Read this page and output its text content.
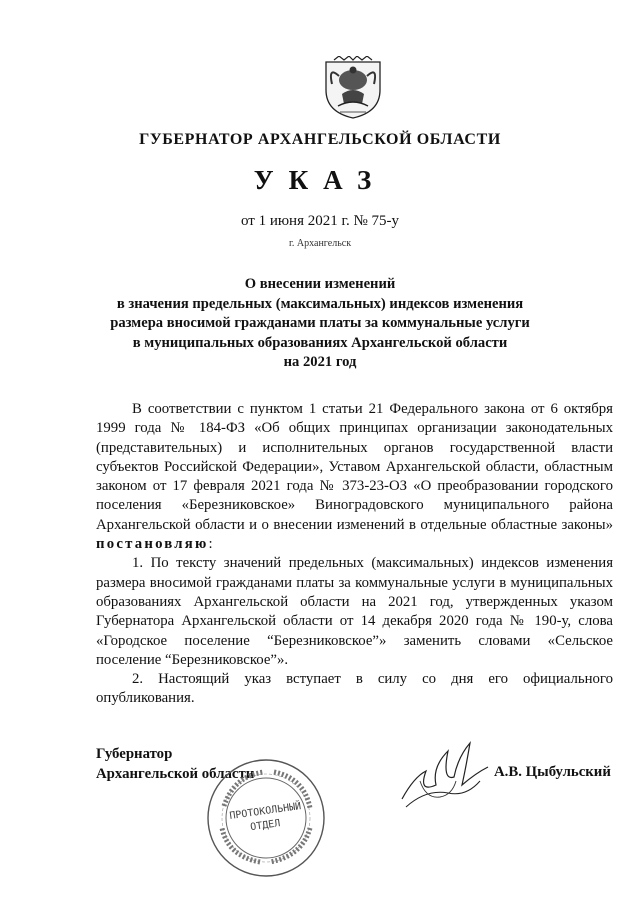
ГУБЕРНАТОР АРХАНГЕЛЬСКОЙ ОБЛАСТИ
УКАЗ
от 1 июня 2021 г. № 75-у
г. Архангельск
О внесении изменений
в значения предельных (максимальных) индексов изменения
размера вносимой гражданами платы за коммунальные услуги
в муниципальных образованиях Архангельской области
на 2021 год

В соответствии с пунктом 1 статьи 21 Федерального закона от 6 октября 1999 года № 184-ФЗ «Об общих принципах организации законодательных (представительных) и исполнительных органов государственной власти субъектов Российской Федерации», Уставом Архангельской области, областным законом от 17 февраля 2021 года № 373-23-ОЗ «О преобразовании городского поселения «Березниковское» Виноградовского муниципального района Архангельской области и о внесении изменений в отдельные областные законы» постановляю:

1. По тексту значений предельных (максимальных) индексов изменения размера вносимой гражданами платы за коммунальные услуги в муниципальных образованиях Архангельской области на 2021 год, утвержденных указом Губернатора Архангельской области от 14 декабря 2020 года № 190-у, слова «Городское поселение “Березниковское”» заменить словами «Сельское поселение “Березниковское”».

2. Настоящий указ вступает в силу со дня его официального опубликования.

Губернатор
Архангельской области
ПРОТОКОЛЬНЫЙ
ОТДЕЛ
А.В. Цыбульский
